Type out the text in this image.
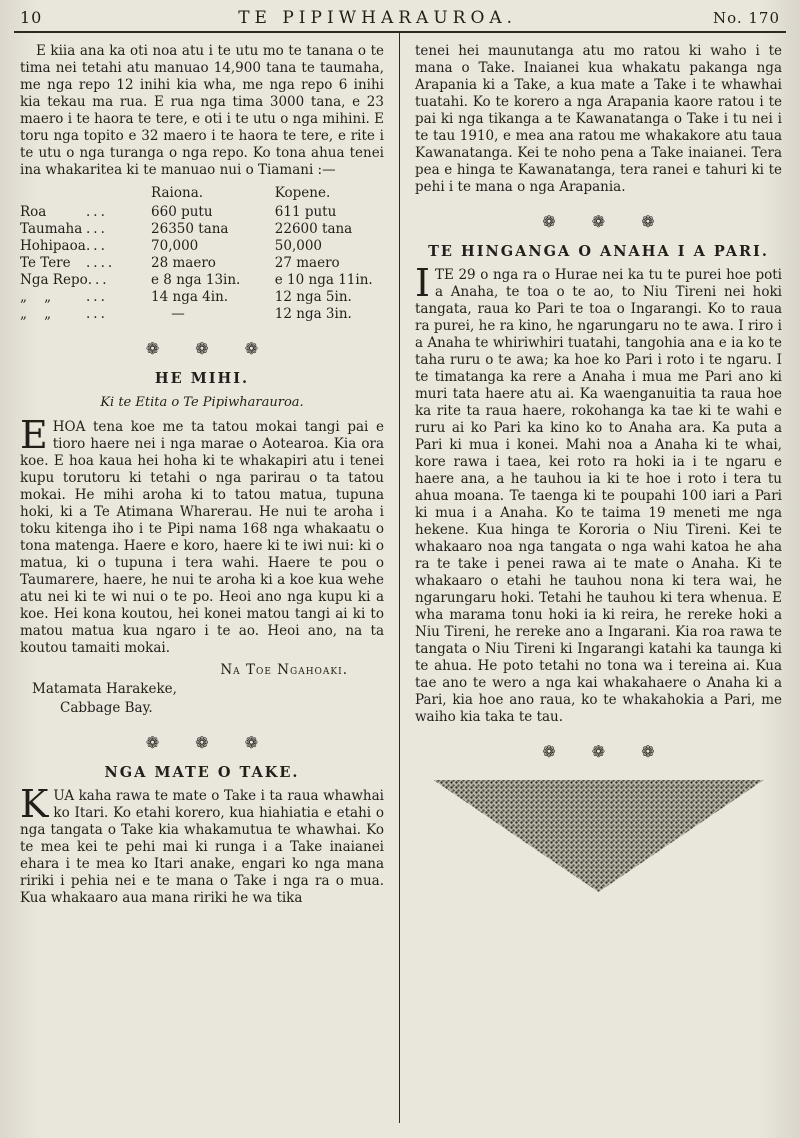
10	TE PIPIWHARAUROA.	No. 170

E kiia ana ka oti noa atu i te utu mo te tanana o te tima nei tetahi atu manuao 14,900 tana te taumaha, me nga repo 12 inihi kia wha, me nga repo 6 inihi kia tekau ma rua. E rua nga tima 3000 tana, e 23 maero i te haora te tere, e oti i te utu o nga mihini. E toru nga topito e 32 maero i te haora te tere, e rite i te utu o nga turanga o nga repo. Ko tona ahua tenei ina whakaritea ki te manuao nui o Tiamani :—

	Raiona.	Kopene.
Roa ...	660 putu	611 putu
Taumaha ...	26350 tana	22600 tana
Hohipaoa...	70,000	50,000
Te Tere ....	28 maero	27 maero
Nga Repo...	e 8 nga 13in.	e 10 nga 11in.
„    „ ...	14 nga 4in.	12 nga 5in.
„    „ ...	—	12 nga 3in.
❁ ❁ ❁

HE MIHI.

Ki te Etita o Te Pipiwharauroa.

EHOA tena koe me ta tatou mokai tangi pai e tioro haere nei i nga marae o Aotearoa. Kia ora koe. E hoa kaua hei hoha ki te whakapiri atu i tenei kupu torutoru ki tetahi o nga parirau o ta tatou mokai. He mihi aroha ki to tatou matua, tupuna hoki, ki a Te Atimana Wharerau. He nui te aroha i toku kitenga iho i te Pipi nama 168 nga whakaatu o tona matenga. Haere e koro, haere ki te iwi nui: ki o matua, ki o tupuna i tera wahi. Haere te pou o Taumarere, haere, he nui te aroha ki a koe kua wehe atu nei ki te wi nui o te po. Heoi ano nga kupu ki a koe. Hei kona koutou, hei konei matou tangi ai ki to matou matua kua ngaro i te ao. Heoi ano, na ta koutou tamaiti mokai.

Na Toe Ngahoaki.

Matamata Harakeke,

Cabbage Bay.

❁ ❁ ❁

NGA MATE O TAKE.

KUA kaha rawa te mate o Take i ta raua whawhai ko Itari. Ko etahi korero, kua hiahiatia e etahi o nga tangata o Take kia whakamutua te whawhai. Ko te mea kei te pehi mai ki runga i a Take inaianei ehara i te mea ko Itari anake, engari ko nga mana ririki i pehia nei e te mana o Take i nga ra o mua. Kua whakaaro aua mana ririki he wa tika

tenei hei maunutanga atu mo ratou ki waho i te mana o Take. Inaianei kua whakatu pakanga nga Arapania ki a Take, a kua mate a Take i te whawhai tuatahi. Ko te korero a nga Arapania kaore ratou i te pai ki nga tikanga a te Kawanatanga o Take i tu nei i te tau 1910, e mea ana ratou me whakakore atu taua Kawanatanga. Kei te noho pena a Take inaianei. Tera pea e hinga te Kawanatanga, tera ranei e tahuri ki te pehi i te mana o nga Arapania.

❁ ❁ ❁

TE HINGANGA O ANAHA I A PARI.

ITE 29 o nga ra o Hurae nei ka tu te purei hoe poti a Anaha, te toa o te ao, to Niu Tireni nei hoki tangata, raua ko Pari te toa o Ingarangi. Ko to raua ra purei, he ra kino, he ngarungaru no te awa. I riro i a Anaha te whiriwhiri tuatahi, tangohia ana e ia ko te taha ruru o te awa; ka hoe ko Pari i roto i te ngaru. I te timatanga ka rere a Anaha i mua me Pari ano ki muri tata haere atu ai. Ka waenganuitia ta raua hoe ka rite ta raua haere, rokohanga ka tae ki te wahi e ruru ai ko Pari ka kino ko to Anaha ara. Ka puta a Pari ki mua i konei. Mahi noa a Anaha ki te whai, kore rawa i taea, kei roto ra hoki ia i te ngaru e haere ana, a he tauhou ia ki te hoe i roto i tera tu ahua moana. Te taenga ki te poupahi 100 iari a Pari ki mua i a Anaha. Ko te taima 19 meneti me nga hekene. Kua hinga te Kororia o Niu Tireni. Kei te whakaaro noa nga tangata o nga wahi katoa he aha ra te take i penei rawa ai te mate o Anaha. Ki te whakaaro o etahi he tauhou nona ki tera wai, he ngarungaru hoki. Tetahi he tauhou ki tera whenua. E wha marama tonu hoki ia ki reira, he rereke hoki a Niu Tireni, he rereke ano a Ingarani. Kia roa rawa te tangata o Niu Tireni ki Ingarangi katahi ka taunga ki te ahua. He poto tetahi no tona wa i tereina ai. Kua tae ano te wero a nga kai whakahaere o Anaha ki a Pari, kia hoe ano raua, ko te whakahokia a Pari, me waiho kia taka te tau.

❁ ❁ ❁
